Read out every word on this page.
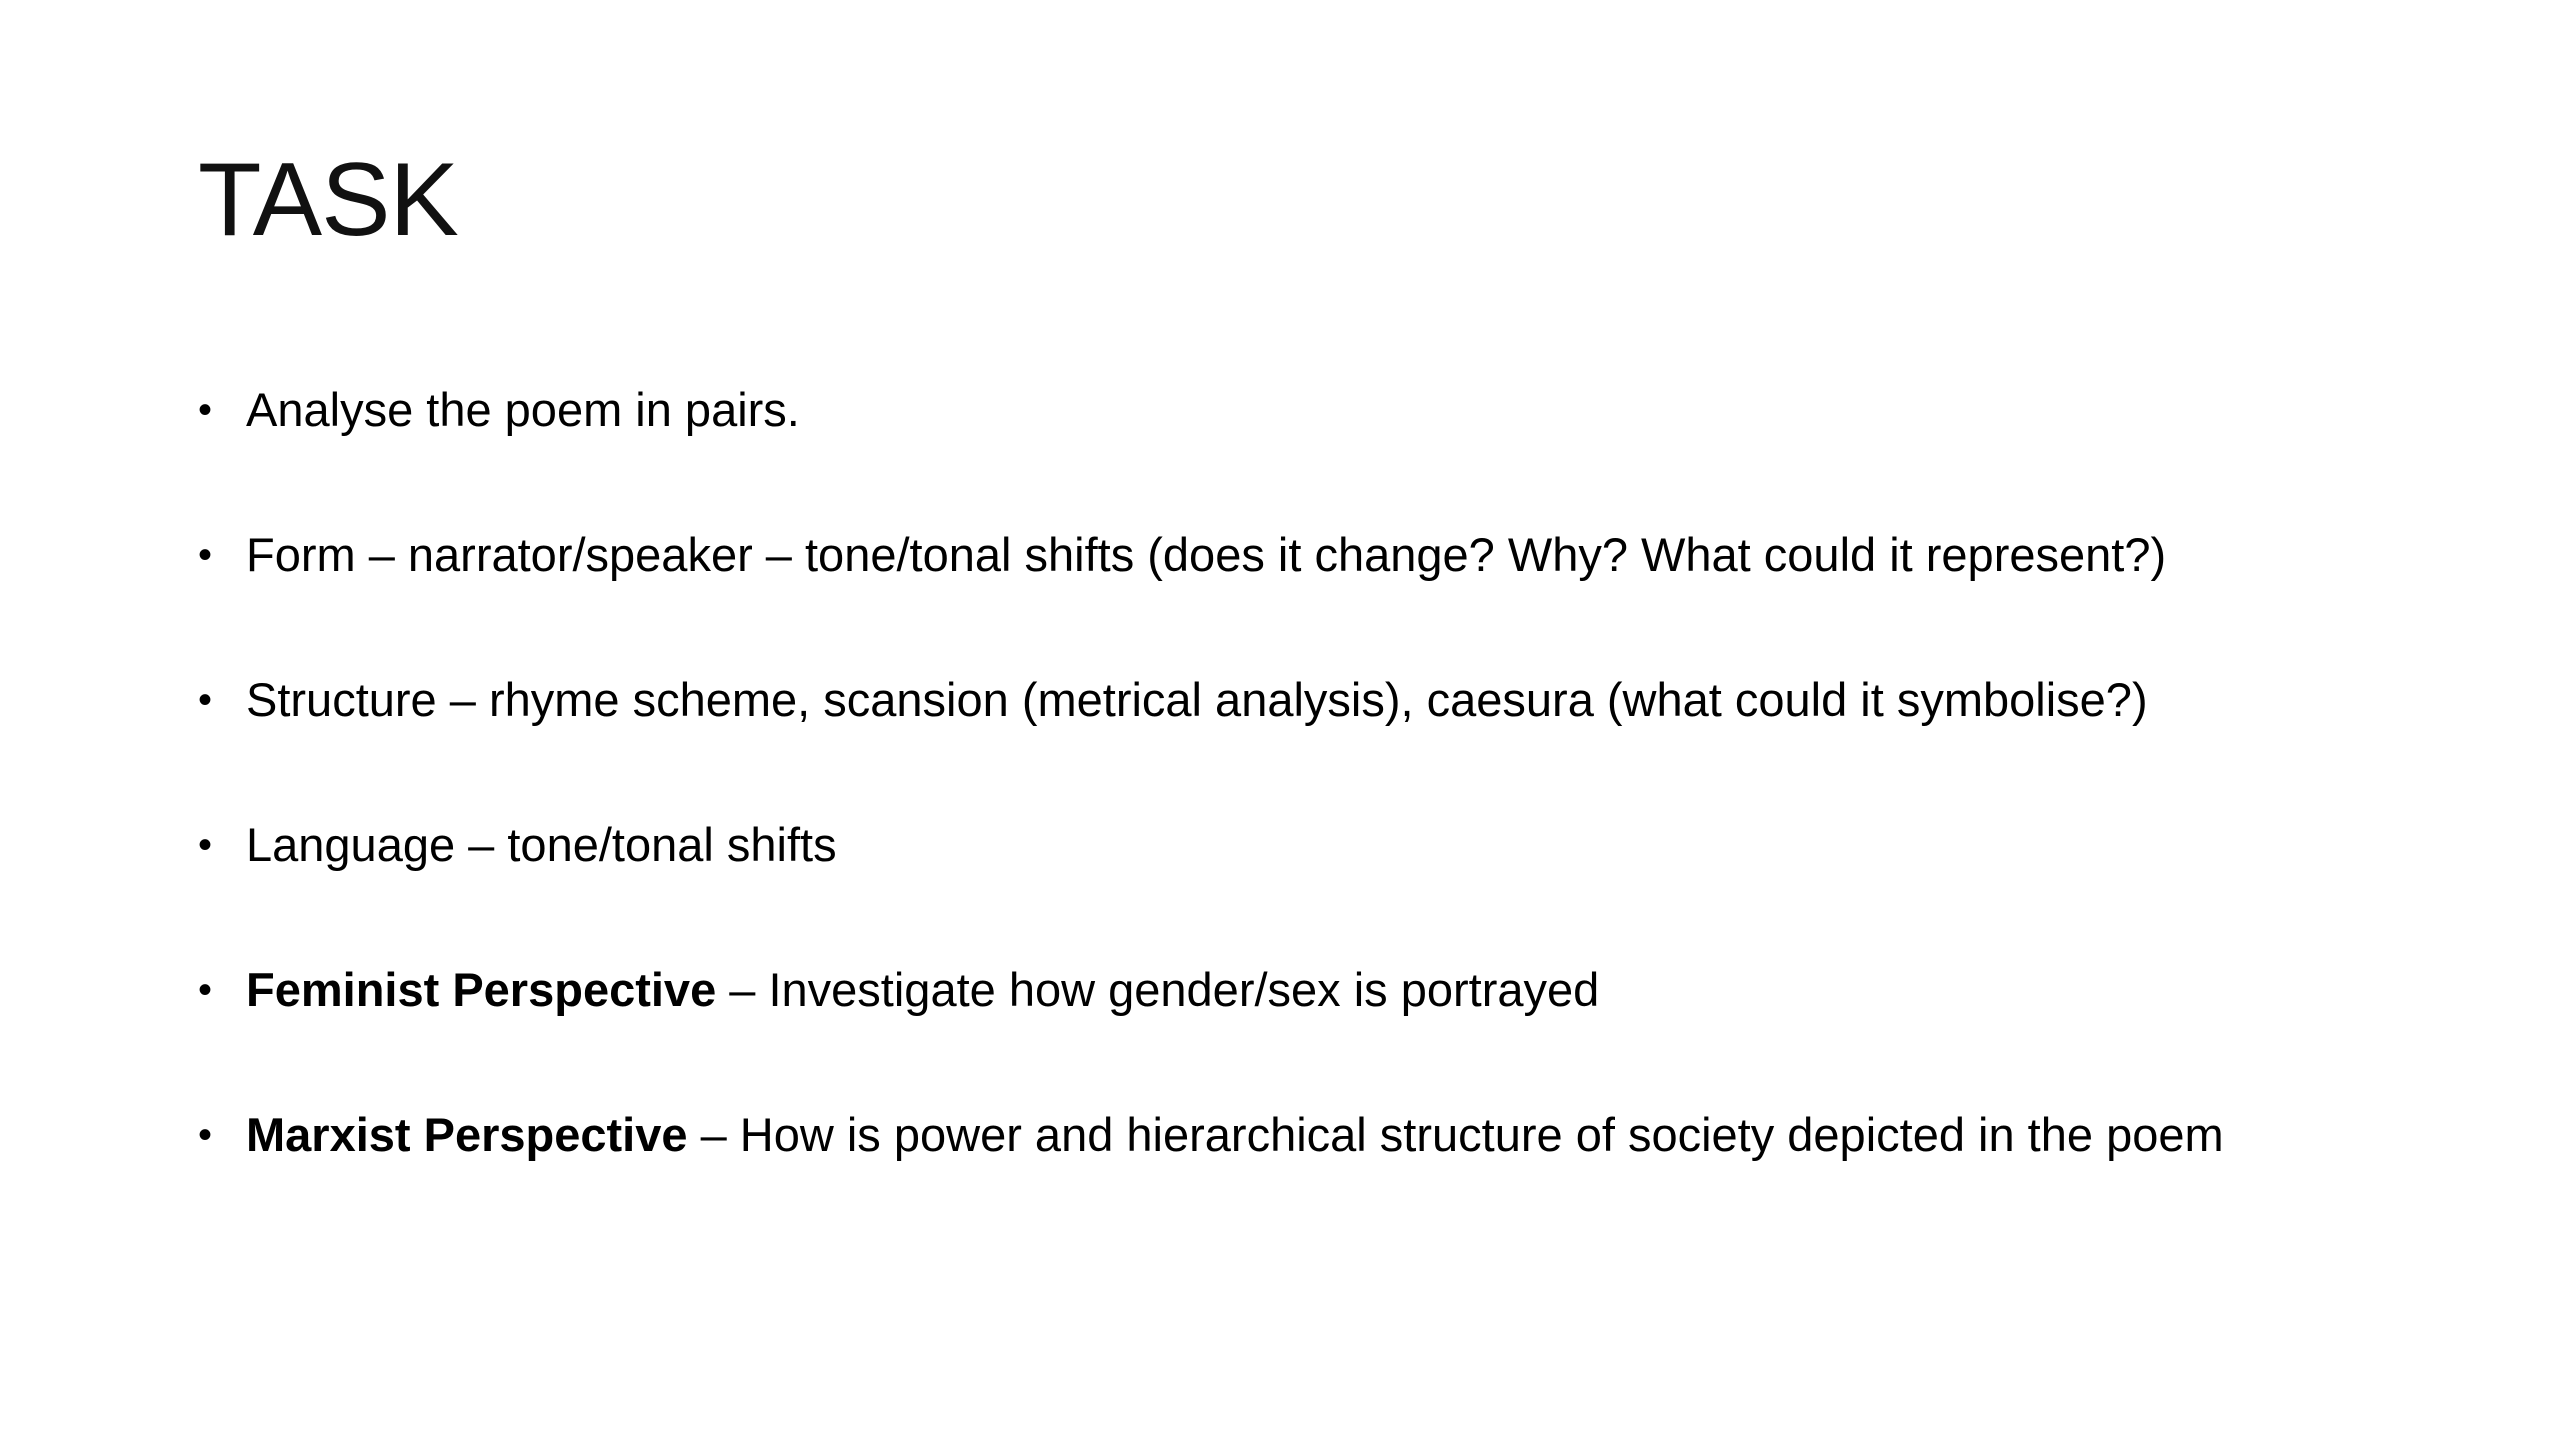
TASK
• Analyse the poem in pairs.
• Form – narrator/speaker – tone/tonal shifts (does it change? Why? What could it represent?)
• Structure – rhyme scheme, scansion (metrical analysis), caesura (what could it symbolise?)
• Language – tone/tonal shifts
• Feminist Perspective – Investigate how gender/sex is portrayed
• Marxist Perspective – How is power and hierarchical structure of society depicted in the poem
